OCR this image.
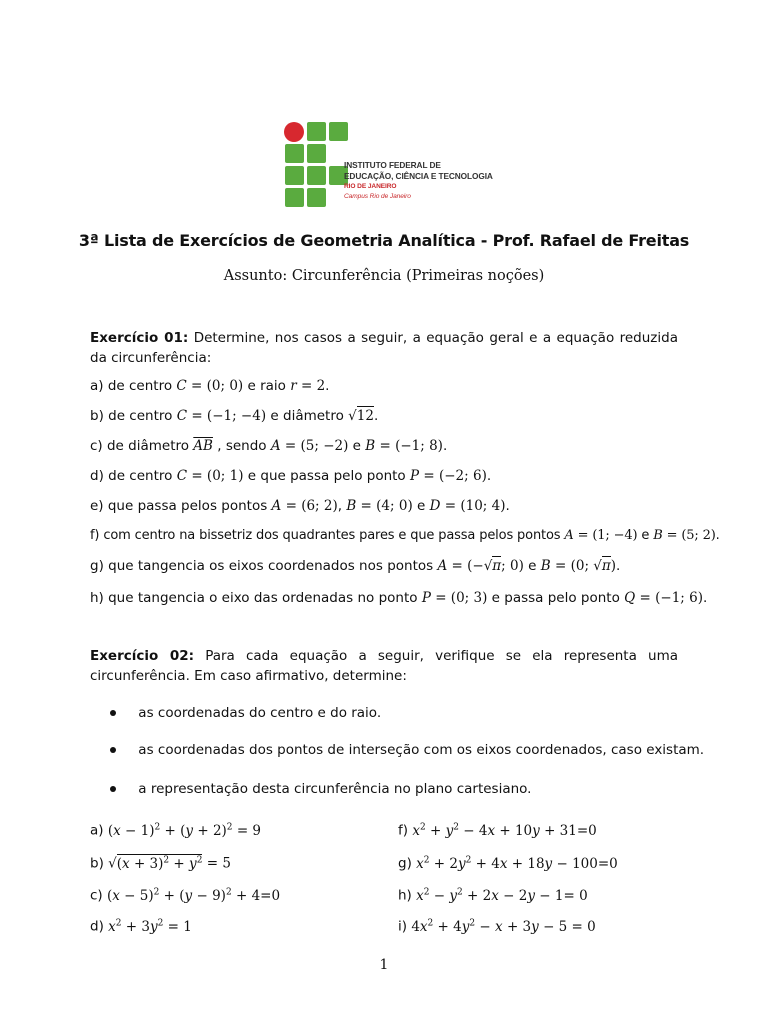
INSTITUTO FEDERAL DE
EDUCAÇÃO, CIÊNCIA E TECNOLOGIA
RIO DE JANEIRO
Campus Rio de Janeiro
3ª Lista de Exercícios de Geometria Analítica - Prof. Rafael de Freitas
Assunto: Circunferência (Primeiras noções)
Exercício 01: Determine, nos casos a seguir, a equação geral e a equação reduzida da circunferência:
a) de centro C = (0; 0) e raio r = 2.
b) de centro C = (−1; −4) e diâmetro √12.
c) de diâmetro $\overline{AB}$ , sendo A = (5; −2) e B = (−1; 8).
d) de centro C = (0; 1) e que passa pelo ponto P = (−2; 6).
e) que passa pelos pontos A = (6; 2), B = (4; 0) e D = (10; 4).
f) com centro na bissetriz dos quadrantes pares e que passa pelos pontos A = (1; −4) e B = (5; 2).
g) que tangencia os eixos coordenados nos pontos A = (−√π; 0) e B = (0; √π).
h) que tangencia o eixo das ordenadas no ponto P = (0; 3) e passa pelo ponto Q = (−1; 6).
Exercício 02: Para cada equação a seguir, verifique se ela representa uma circunferência. Em caso afirmativo, determine:
as coordenadas do centro e do raio.
as coordenadas dos pontos de interseção com os eixos coordenados, caso existam.
a representação desta circunferência no plano cartesiano.
a) $(x - 1)^2 + (y + 2)^2 = 9$
b) $√(x + 3)^2 + y^2 = 5$
c) $(x - 5)^2 + (y - 9)^2 + 4=0$
d) $x^2 + 3y^2 = 1$
f) $x^2 + y^2 - 4x + 10y + 31=0$
g) $x^2 + 2y^2 + 4x + 18y - 100=0$
h) $x^2 - y^2 + 2x - 2y - 1= 0$
i) $4x^2 + 4y^2 - x + 3y - 5 = 0$
1
